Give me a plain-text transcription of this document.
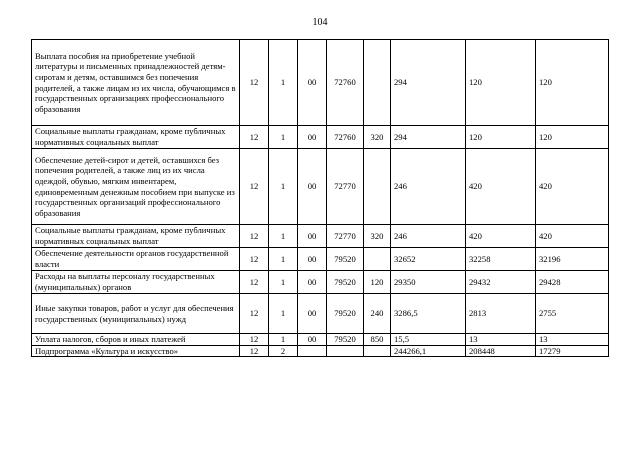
104
Выплата пособия на приобретение учебной литературы и письменных принадлежностей детям-сиротам и детям, оставшимся без попечения родителей, а также лицам из их числа, обучающимся в государственных организациях профессионального образования	12	1	00	72760		294	120	120
Социальные выплаты гражданам, кроме публичных нормативных социальных выплат	12	1	00	72760	320	294	120	120
Обеспечение детей-сирот и детей, оставшихся без попечения родителей, а также лиц из их числа одеждой, обувью, мягким инвентарем, единовременным денежным пособием при выпуске из государственных организаций профессионального образования	12	1	00	72770		246	420	420
Социальные выплаты гражданам, кроме публичных нормативных социальных выплат	12	1	00	72770	320	246	420	420
Обеспечение деятельности органов государственной власти	12	1	00	79520		32652	32258	32196
Расходы на выплаты персоналу государственных (муниципальных) органов	12	1	00	79520	120	29350	29432	29428
Иные закупки товаров, работ и услуг для обеспечения государственных (муниципальных) нужд	12	1	00	79520	240	3286,5	2813	2755
Уплата налогов, сборов и иных платежей	12	1	00	79520	850	15,5	13	13
Подпрограмма «Культура и искусство»	12	2				244266,1	208448	17279
